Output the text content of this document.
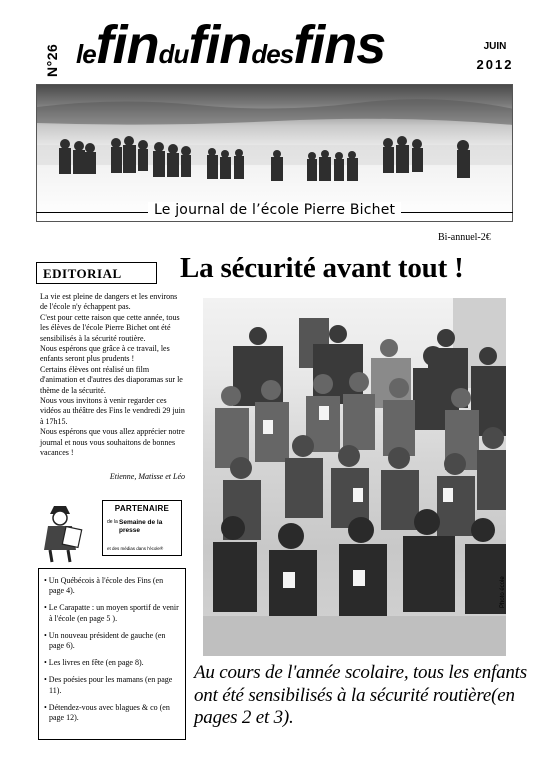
N°26 lefindufindesfins	JUIN
2012
Le journal de l’école Pierre Bichet
Bi-annuel-2€
EDITORIAL

La vie est pleine de dangers et les environs de l'école n'y échappent pas.

C'est pour cette raison que cette année, tous les élèves de l'école Pierre Bichet ont été sensibilisés à la sécurité routière.

Nous espérons que grâce à ce travail, les enfants seront plus prudents !

Certains élèves ont réalisé un film d'animation et d'autres des diaporamas sur le thème de la sécurité.

Nous vous invitons à venir regarder ces vidéos au théâtre des Fins le vendredi 29 juin à 17h15.

Nous espérons que vous allez apprécier notre journal et nous vous souhaitons de bonnes vacances !

Etienne, Matisse et Léo
PARTENAIRE
de la Semaine de la presse
et des médias dans l'école®
• Un Québécois à l'école des Fins (en page 4).
• Le Carapatte : un moyen sportif de venir à l'école (en page 5 ).
• Un nouveau président de gauche (en page 6).
• Les livres en fête (en page 8).
• Des poésies pour les mamans (en page 11).
• Détendez-vous avec blagues & co (en page 12).
La sécurité avant tout !
Photo école
Au cours de l'année scolaire, tous les enfants ont été sensibilisés à la sécurité routière(en pages 2 et 3).
